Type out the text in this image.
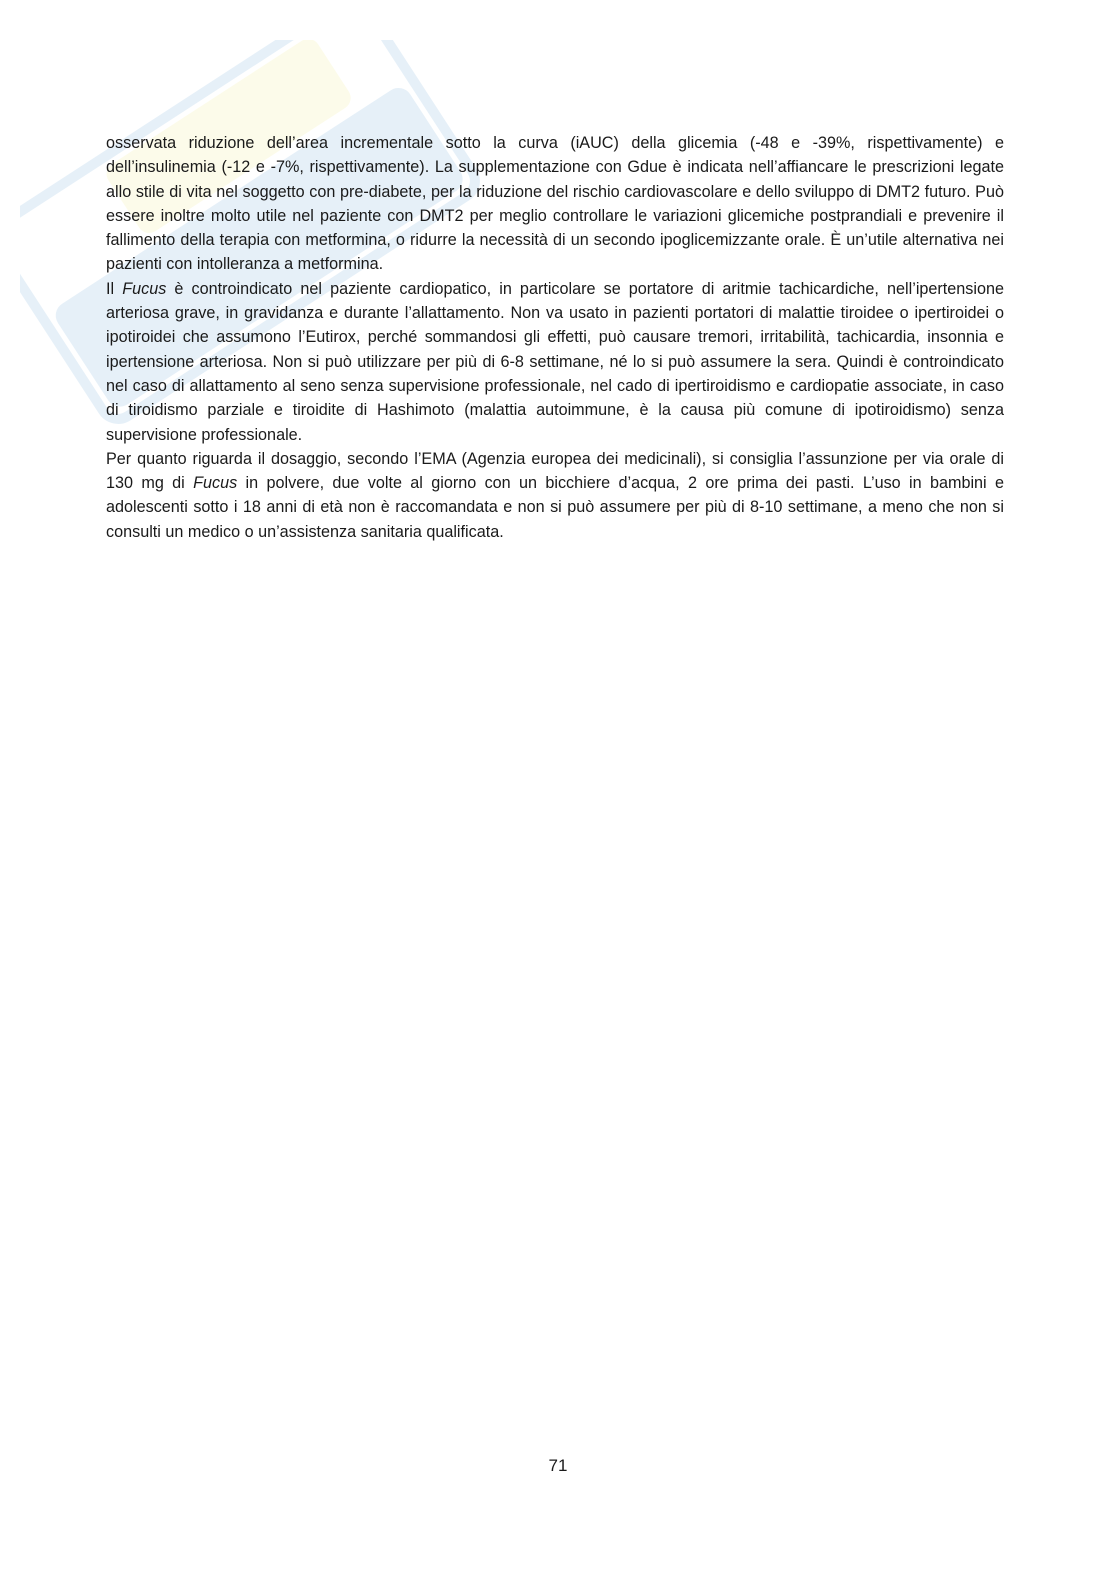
osservata riduzione dell’area incrementale sotto la curva (iAUC) della glicemia (-48 e -39%, rispettivamente) e dell’insulinemia (-12 e -7%, rispettivamente). La supplementazione con Gdue è indicata nell’affiancare le prescrizioni legate allo stile di vita nel soggetto con pre-diabete, per la riduzione del rischio cardiovascolare e dello sviluppo di DMT2 futuro. Può essere inoltre molto utile nel paziente con DMT2 per meglio controllare le variazioni glicemiche postprandiali e prevenire il fallimento della terapia con metformina, o ridurre la necessità di un secondo ipoglicemizzante orale. È un’utile alternativa nei pazienti con intolleranza a metformina.

Il Fucus è controindicato nel paziente cardiopatico, in particolare se portatore di aritmie tachicardiche, nell’ipertensione arteriosa grave, in gravidanza e durante l’allattamento. Non va usato in pazienti portatori di malattie tiroidee o ipertiroidei o ipotiroidei che assumono l’Eutirox, perché sommandosi gli effetti, può causare tremori, irritabilità, tachicardia, insonnia e ipertensione arteriosa. Non si può utilizzare per più di 6-8 settimane, né lo si può assumere la sera. Quindi è controindicato nel caso di allattamento al seno senza supervisione professionale, nel cado di ipertiroidismo e cardiopatie associate, in caso di tiroidismo parziale e tiroidite di Hashimoto (malattia autoimmune, è la causa più comune di ipotiroidismo) senza supervisione professionale.

Per quanto riguarda il dosaggio, secondo l’EMA (Agenzia europea dei medicinali), si consiglia l’assunzione per via orale di 130 mg di Fucus in polvere, due volte al giorno con un bicchiere d’acqua, 2 ore prima dei pasti. L’uso in bambini e adolescenti sotto i 18 anni di età non è raccomandata e non si può assumere per più di 8-10 settimane, a meno che non si consulti un medico o un’assistenza sanitaria qualificata.

71
